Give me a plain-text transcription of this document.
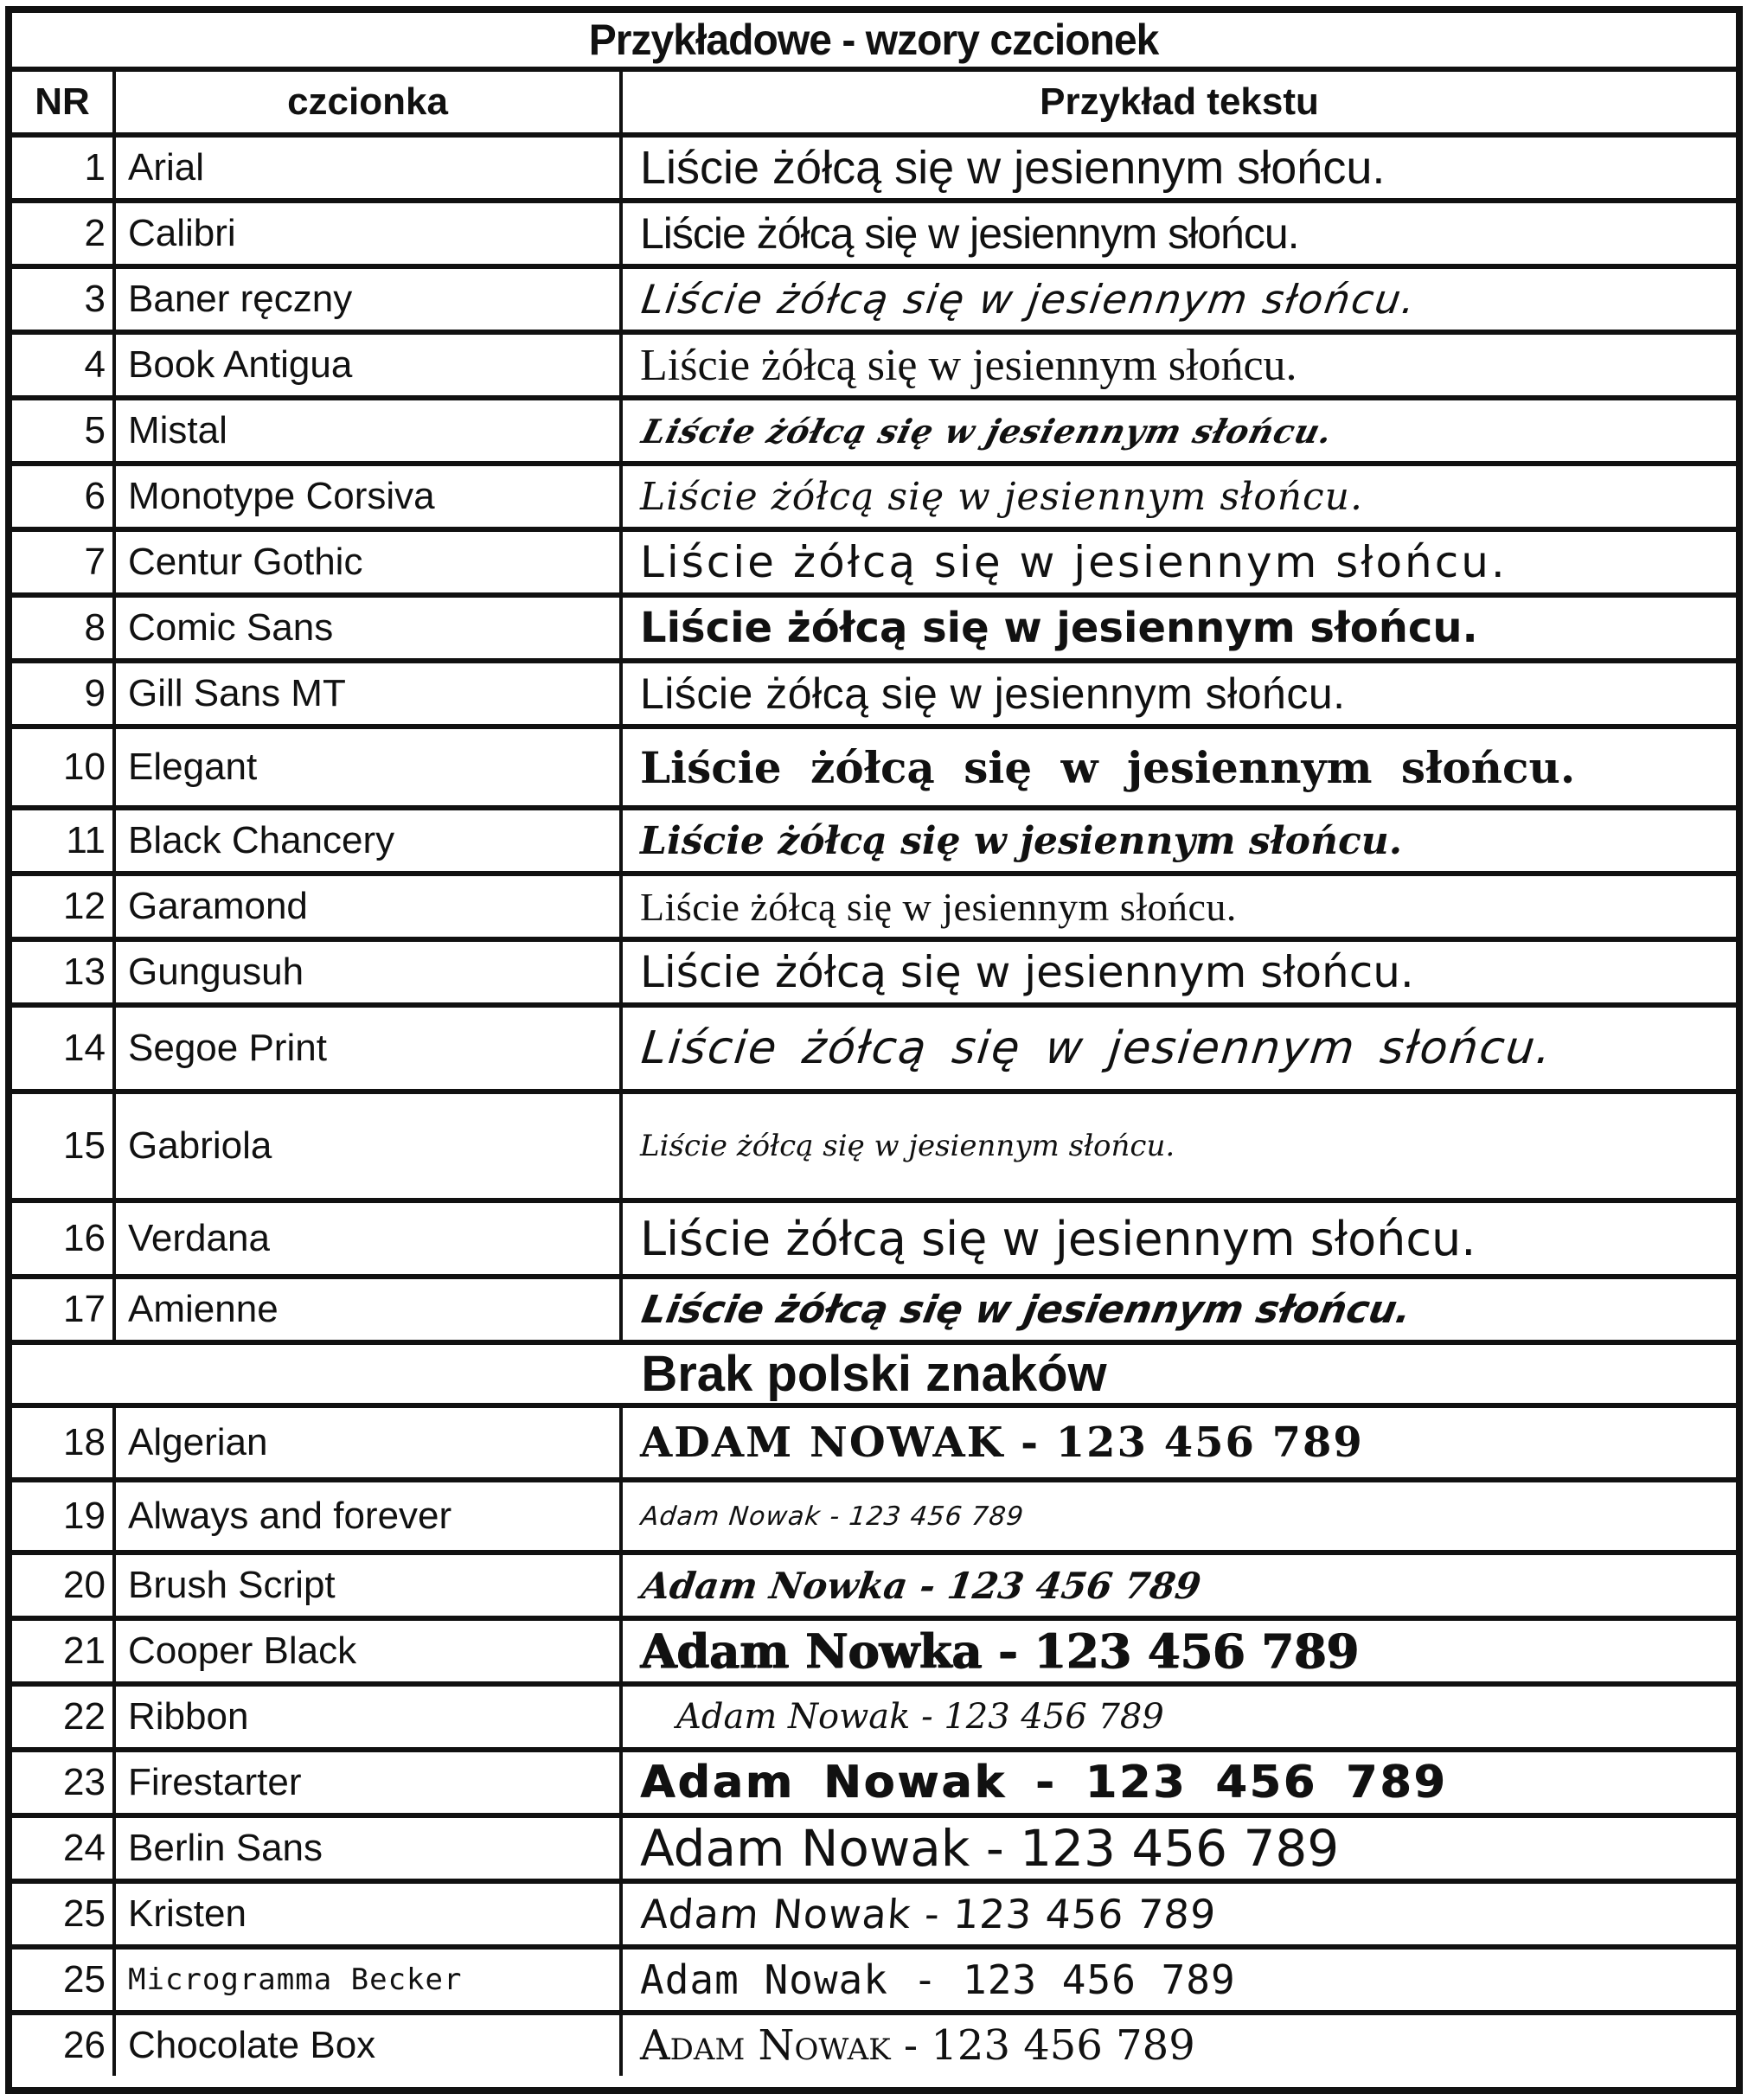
Przykładowe - wzory czcionek
NR	czcionka	Przykład tekstu
1 Arial	Liście żółcą się w jesiennym słońcu.
2 Calibri	Liście żółcą się w jesiennym słońcu.
3 Baner ręczny	Liście żółcą się w jesiennym słońcu.
4 Book Antigua	Liście żółcą się w jesiennym słońcu.
5 Mistal	Liście żółcą się w jesiennym słońcu.
6 Monotype Corsiva	Liście żółcą się w jesiennym słońcu.
7 Centur Gothic	Liście żółcą się w jesiennym słońcu.
8 Comic Sans	Liście żółcą się w jesiennym słońcu.
9 Gill Sans MT	Liście żółcą się w jesiennym słońcu.
10 Elegant	Liście żółcą się w jesiennym słońcu.
11 Black Chancery	Liście żółcą się w jesiennym słońcu.
12 Garamond	Liście żółcą się w jesiennym słońcu.
13 Gungusuh	Liście żółcą się w jesiennym słońcu.
14 Segoe Print	Liście żółcą się w jesiennym słońcu.
15 Gabriola	Liście żółcą się w jesiennym słońcu.
16 Verdana	Liście żółcą się w jesiennym słońcu.
17 Amienne	Liście żółcą się w jesiennym słońcu.
Brak polski znaków
18 Algerian	ADAM NOWAK - 123 456 789
19 Always and forever	Adam Nowak - 123 456 789
20 Brush Script	Adam Nowka - 123 456 789
21 Cooper Black	Adam Nowka - 123 456 789
22 Ribbon	Adam Nowak - 123 456 789
23 Firestarter	Adam Nowak - 123 456 789
24 Berlin Sans	Adam Nowak - 123 456 789
25 Kristen	Adam Nowak - 123 456 789
25 Microgramma Becker	Adam Nowak - 123 456 789
26 Chocolate Box	Adam Nowak - 123 456 789
